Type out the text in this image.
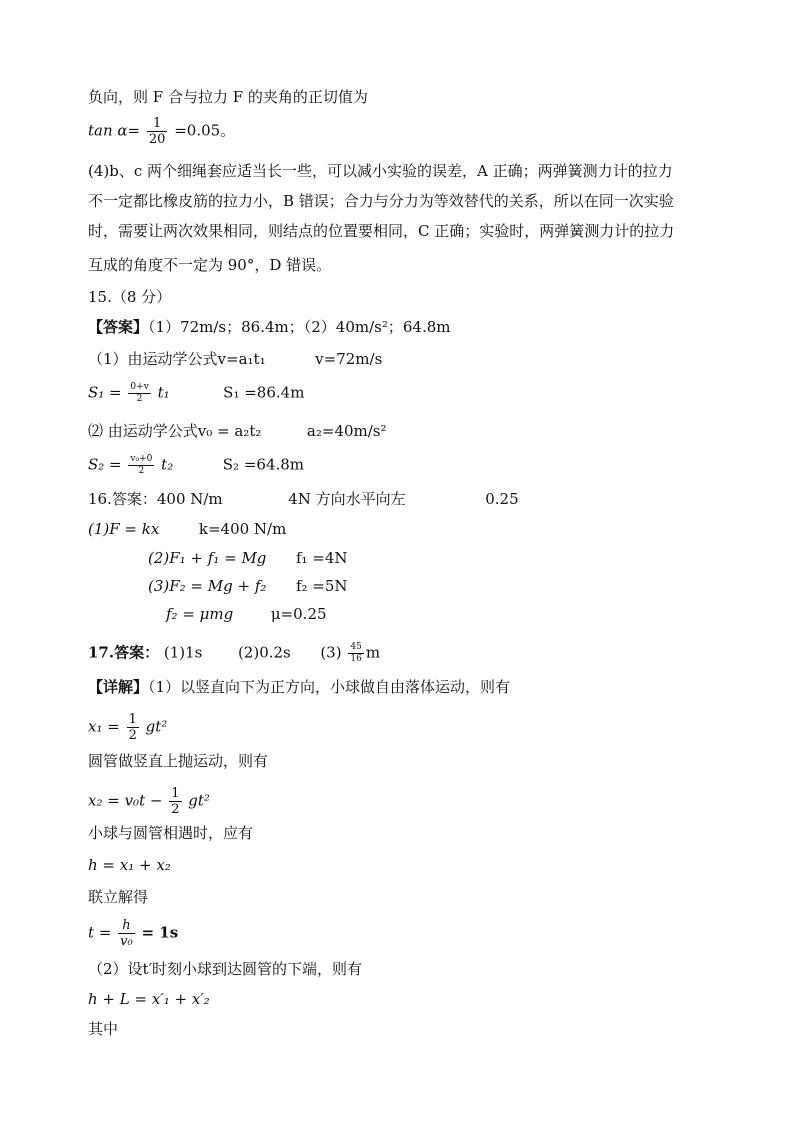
负向，则 F 合与拉力 F 的夹角的正切值为
$\tan \alpha= \frac{1}{20} =0.05$。
(4)b、c 两个细绳套应适当长一些，可以减小实验的误差，A 正确；两弹簧测力计的拉力
不一定都比橡皮筋的拉力小，B 错误；合力与分力为等效替代的关系，所以在同一次实验
时，需要让两次效果相同，则结点的位置要相同，C 正确；实验时，两弹簧测力计的拉力
互成的角度不一定为 90°，D 错误。
15.（8 分）
【答案】（1）72m/s；86.4m；（2）40m/s²；64.8m
（1）由运动学公式v=a₁t₁	v=72m/s
$S_1 = \frac{0+v}{2} t_1$	S₁ =86.4m
⑵ 由运动学公式v₀ = a₂t₂	a₂=40m/s²
$S_2 = \frac{\text{v₀+0}}{2} t_2$	S₂ =64.8m
16.答案：400 N/m	4N 方向水平向左	0.25
(1)F = kx	k=400 N/m
(2)F₁ + f₁ = Mg f₁ =4N
(3)F₂ = Mg + f₂ f₂ =5N
f₂ = μmg	μ=0.25
17.答案： (1)1s (2)0.2s $(3) \frac{45}{16}$ m
【详解】（1）以竖直向下为正方向，小球做自由落体运动，则有
$x_1 = \frac{1}{2} gt^2$
圆管做竖直上抛运动，则有
$x_2 = v_0t - \frac{1}{2} gt^2$
小球与圆管相遇时，应有
h = x₁ + x₂
联立解得
$t = \frac{h}{\text{v₀}} = 1s$
（2）设t′时刻小球到达圆管的下端，则有
h + L = x′₁ + x′₂
其中
